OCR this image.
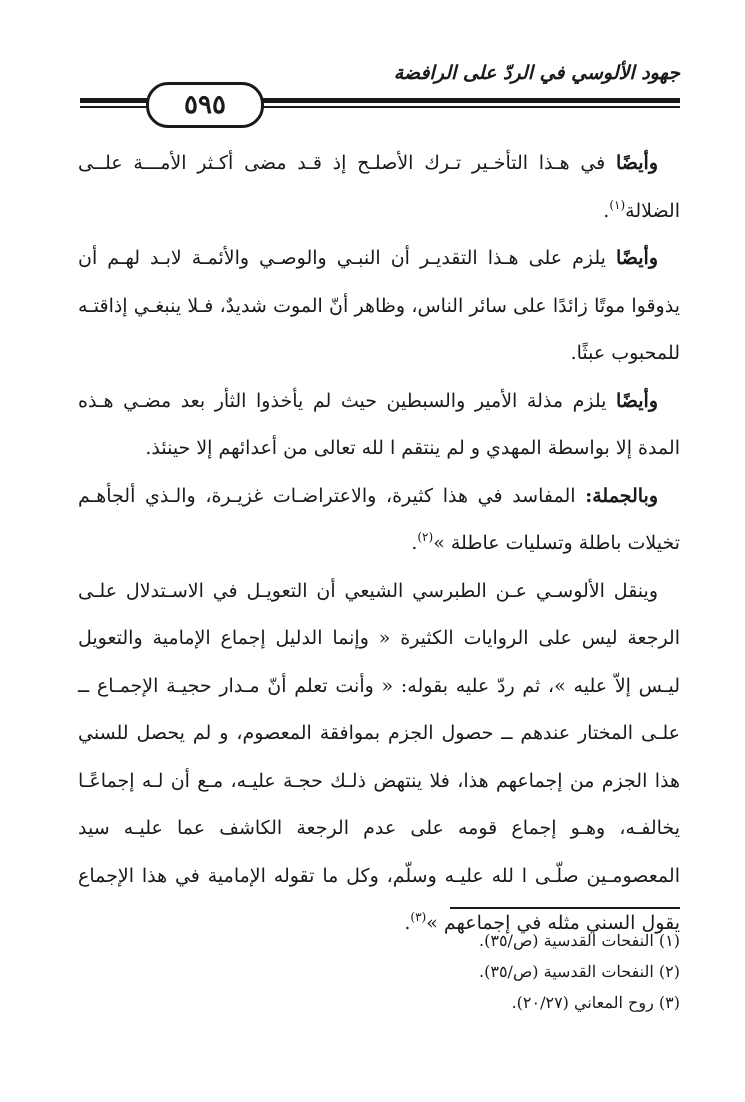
جهود الألوسي في الردّ على الرافضة
٥٩٥

وأيضًا في هـذا التأخـير تـرك الأصلـح إذ قـد مضى أكـثر الأمـــة علــى الضلالة$^{(١)}$.

وأيضًا يلزم على هـذا التقديـر أن النبـي والوصـي والأئمـة لابـد لهـم أن يذوقوا موتًا زائدًا على سائر الناس، وظاهر أنّ الموت شديدٌ، فـلا ينبغـي إذاقتـه للمحبوب عبثًا.

وأيضًا يلزم مذلة الأمير والسبطين حيث لم يأخذوا الثأر بعد مضـي هـذه المدة إلا بواسطة المهدي و لم ينتقم ا لله تعالى من أعدائهم إلا حينئذ.

وبالجملة: المفاسد في هذا كثيرة، والاعتراضـات غزيـرة، والـذي ألجأهـم تخيلات باطلة وتسليات عاطلة »$^{(٢)}$.

وينقل الألوسـي عـن الطبرسي الشيعي أن التعويـل في الاسـتدلال علـى الرجعة ليس على الروايات الكثيرة « وإنما الدليل إجماع الإمامية والتعويل ليـس إلاّ عليه »، ثم ردّ عليه بقوله: « وأنت تعلم أنّ مـدار حجيـة الإجمـاع ــ علـى المختار عندهم ــ حصول الجزم بموافقة المعصوم، و لم يحصل للسني هذا الجزم من إجماعهم هذا، فلا ينتهض ذلـك حجـة عليـه، مـع أن لـه إجماعًـا يخالفـه، وهـو إجماع قومه على عدم الرجعة الكاشف عما عليـه سيد المعصومـين صلّـى ا لله عليـه وسلّم، وكل ما تقوله الإمامية في هذا الإجماع يقول السني مثله في إجماعهم »$^{(٣)}$.

(١) النفحات القدسية (ص/٣٥).

(٢) النفحات القدسية (ص/٣٥).

(٣) روح المعاني (٢٠/٢٧).
